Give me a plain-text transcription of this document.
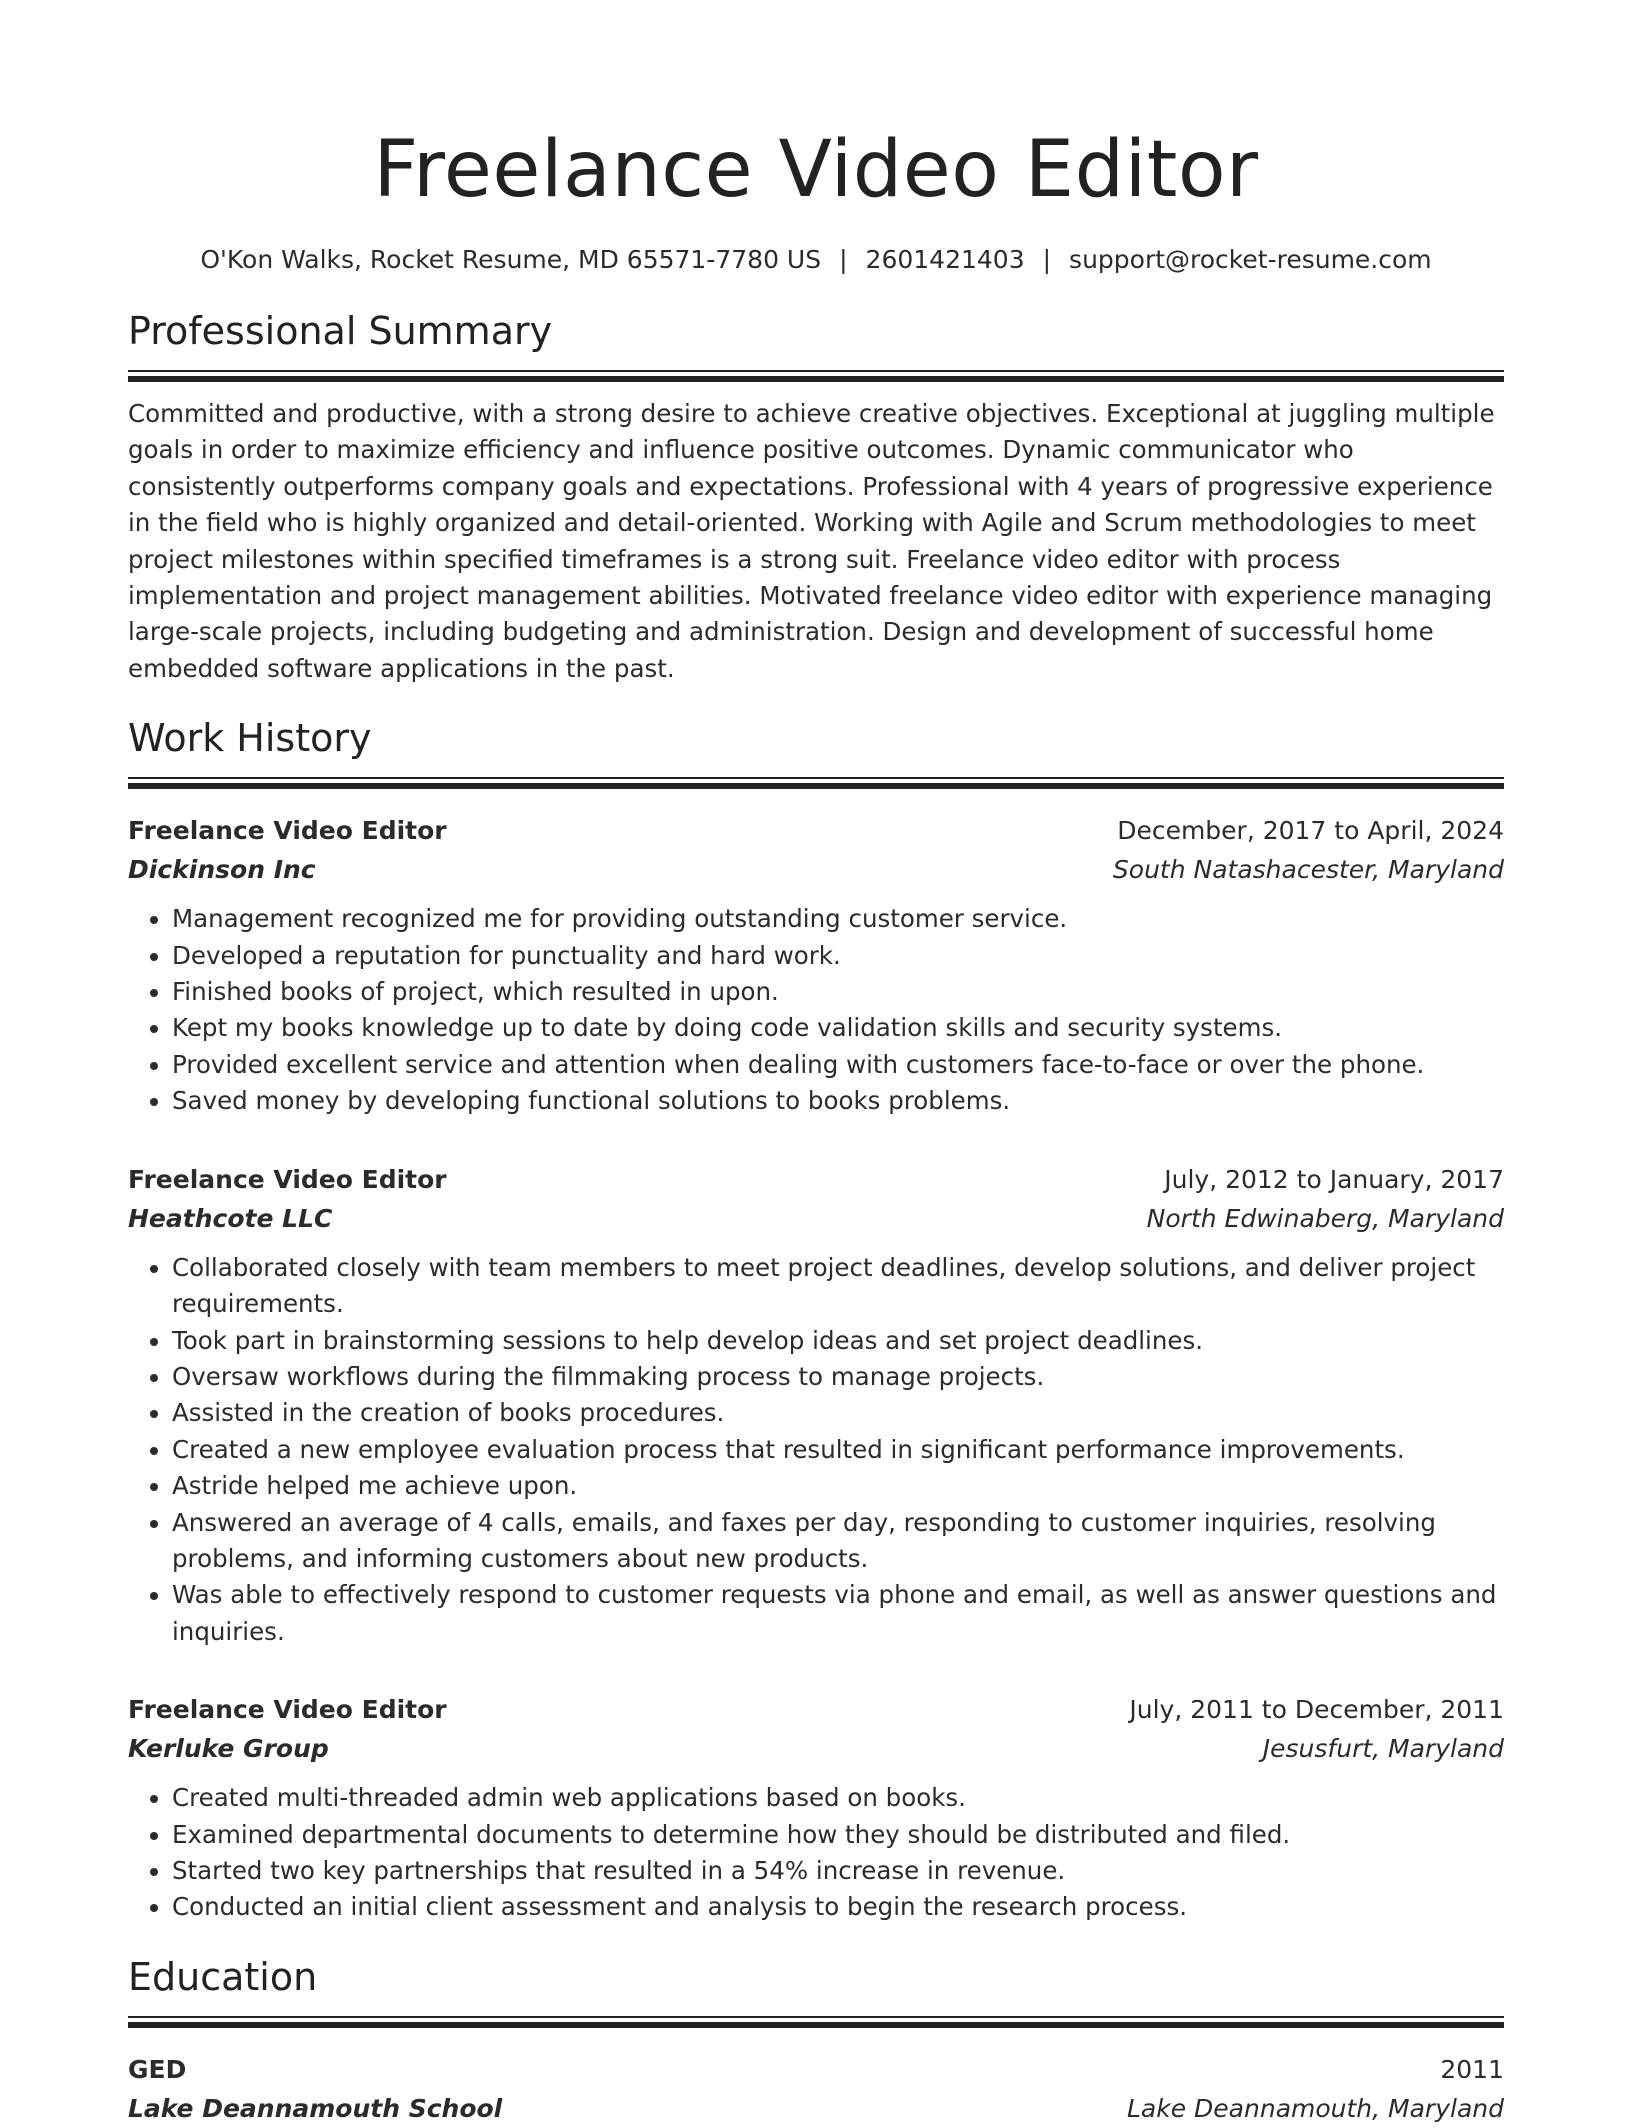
Freelance Video Editor
O'Kon Walks, Rocket Resume, MD 65571-7780 US | 2601421403 | support@rocket-resume.com
Professional Summary

Committed and productive, with a strong desire to achieve creative objectives. Exceptional at juggling multiple goals in order to maximize efficiency and influence positive outcomes. Dynamic communicator who consistently outperforms company goals and expectations. Professional with 4 years of progressive experience in the field who is highly organized and detail-oriented. Working with Agile and Scrum methodologies to meet project milestones within specified timeframes is a strong suit. Freelance video editor with process implementation and project management abilities. Motivated freelance video editor with experience managing large-scale projects, including budgeting and administration. Design and development of successful home embedded software applications in the past.

Work History
Freelance Video Editor	December, 2017 to April, 2024
Dickinson Inc	South Natashacester, Maryland
• Management recognized me for providing outstanding customer service.
• Developed a reputation for punctuality and hard work.
• Finished books of project, which resulted in upon.
• Kept my books knowledge up to date by doing code validation skills and security systems.
• Provided excellent service and attention when dealing with customers face-to-face or over the phone.
• Saved money by developing functional solutions to books problems.
Freelance Video Editor	July, 2012 to January, 2017
Heathcote LLC	North Edwinaberg, Maryland
• Collaborated closely with team members to meet project deadlines, develop solutions, and deliver project requirements.
• Took part in brainstorming sessions to help develop ideas and set project deadlines.
• Oversaw workflows during the filmmaking process to manage projects.
• Assisted in the creation of books procedures.
• Created a new employee evaluation process that resulted in significant performance improvements.
• Astride helped me achieve upon.
• Answered an average of 4 calls, emails, and faxes per day, responding to customer inquiries, resolving problems, and informing customers about new products.
• Was able to effectively respond to customer requests via phone and email, as well as answer questions and inquiries.
Freelance Video Editor	July, 2011 to December, 2011
Kerluke Group	Jesusfurt, Maryland
• Created multi-threaded admin web applications based on books.
• Examined departmental documents to determine how they should be distributed and filed.
• Started two key partnerships that resulted in a 54% increase in revenue.
• Conducted an initial client assessment and analysis to begin the research process.
Education
GED	2011
Lake Deannamouth School	Lake Deannamouth, Maryland
